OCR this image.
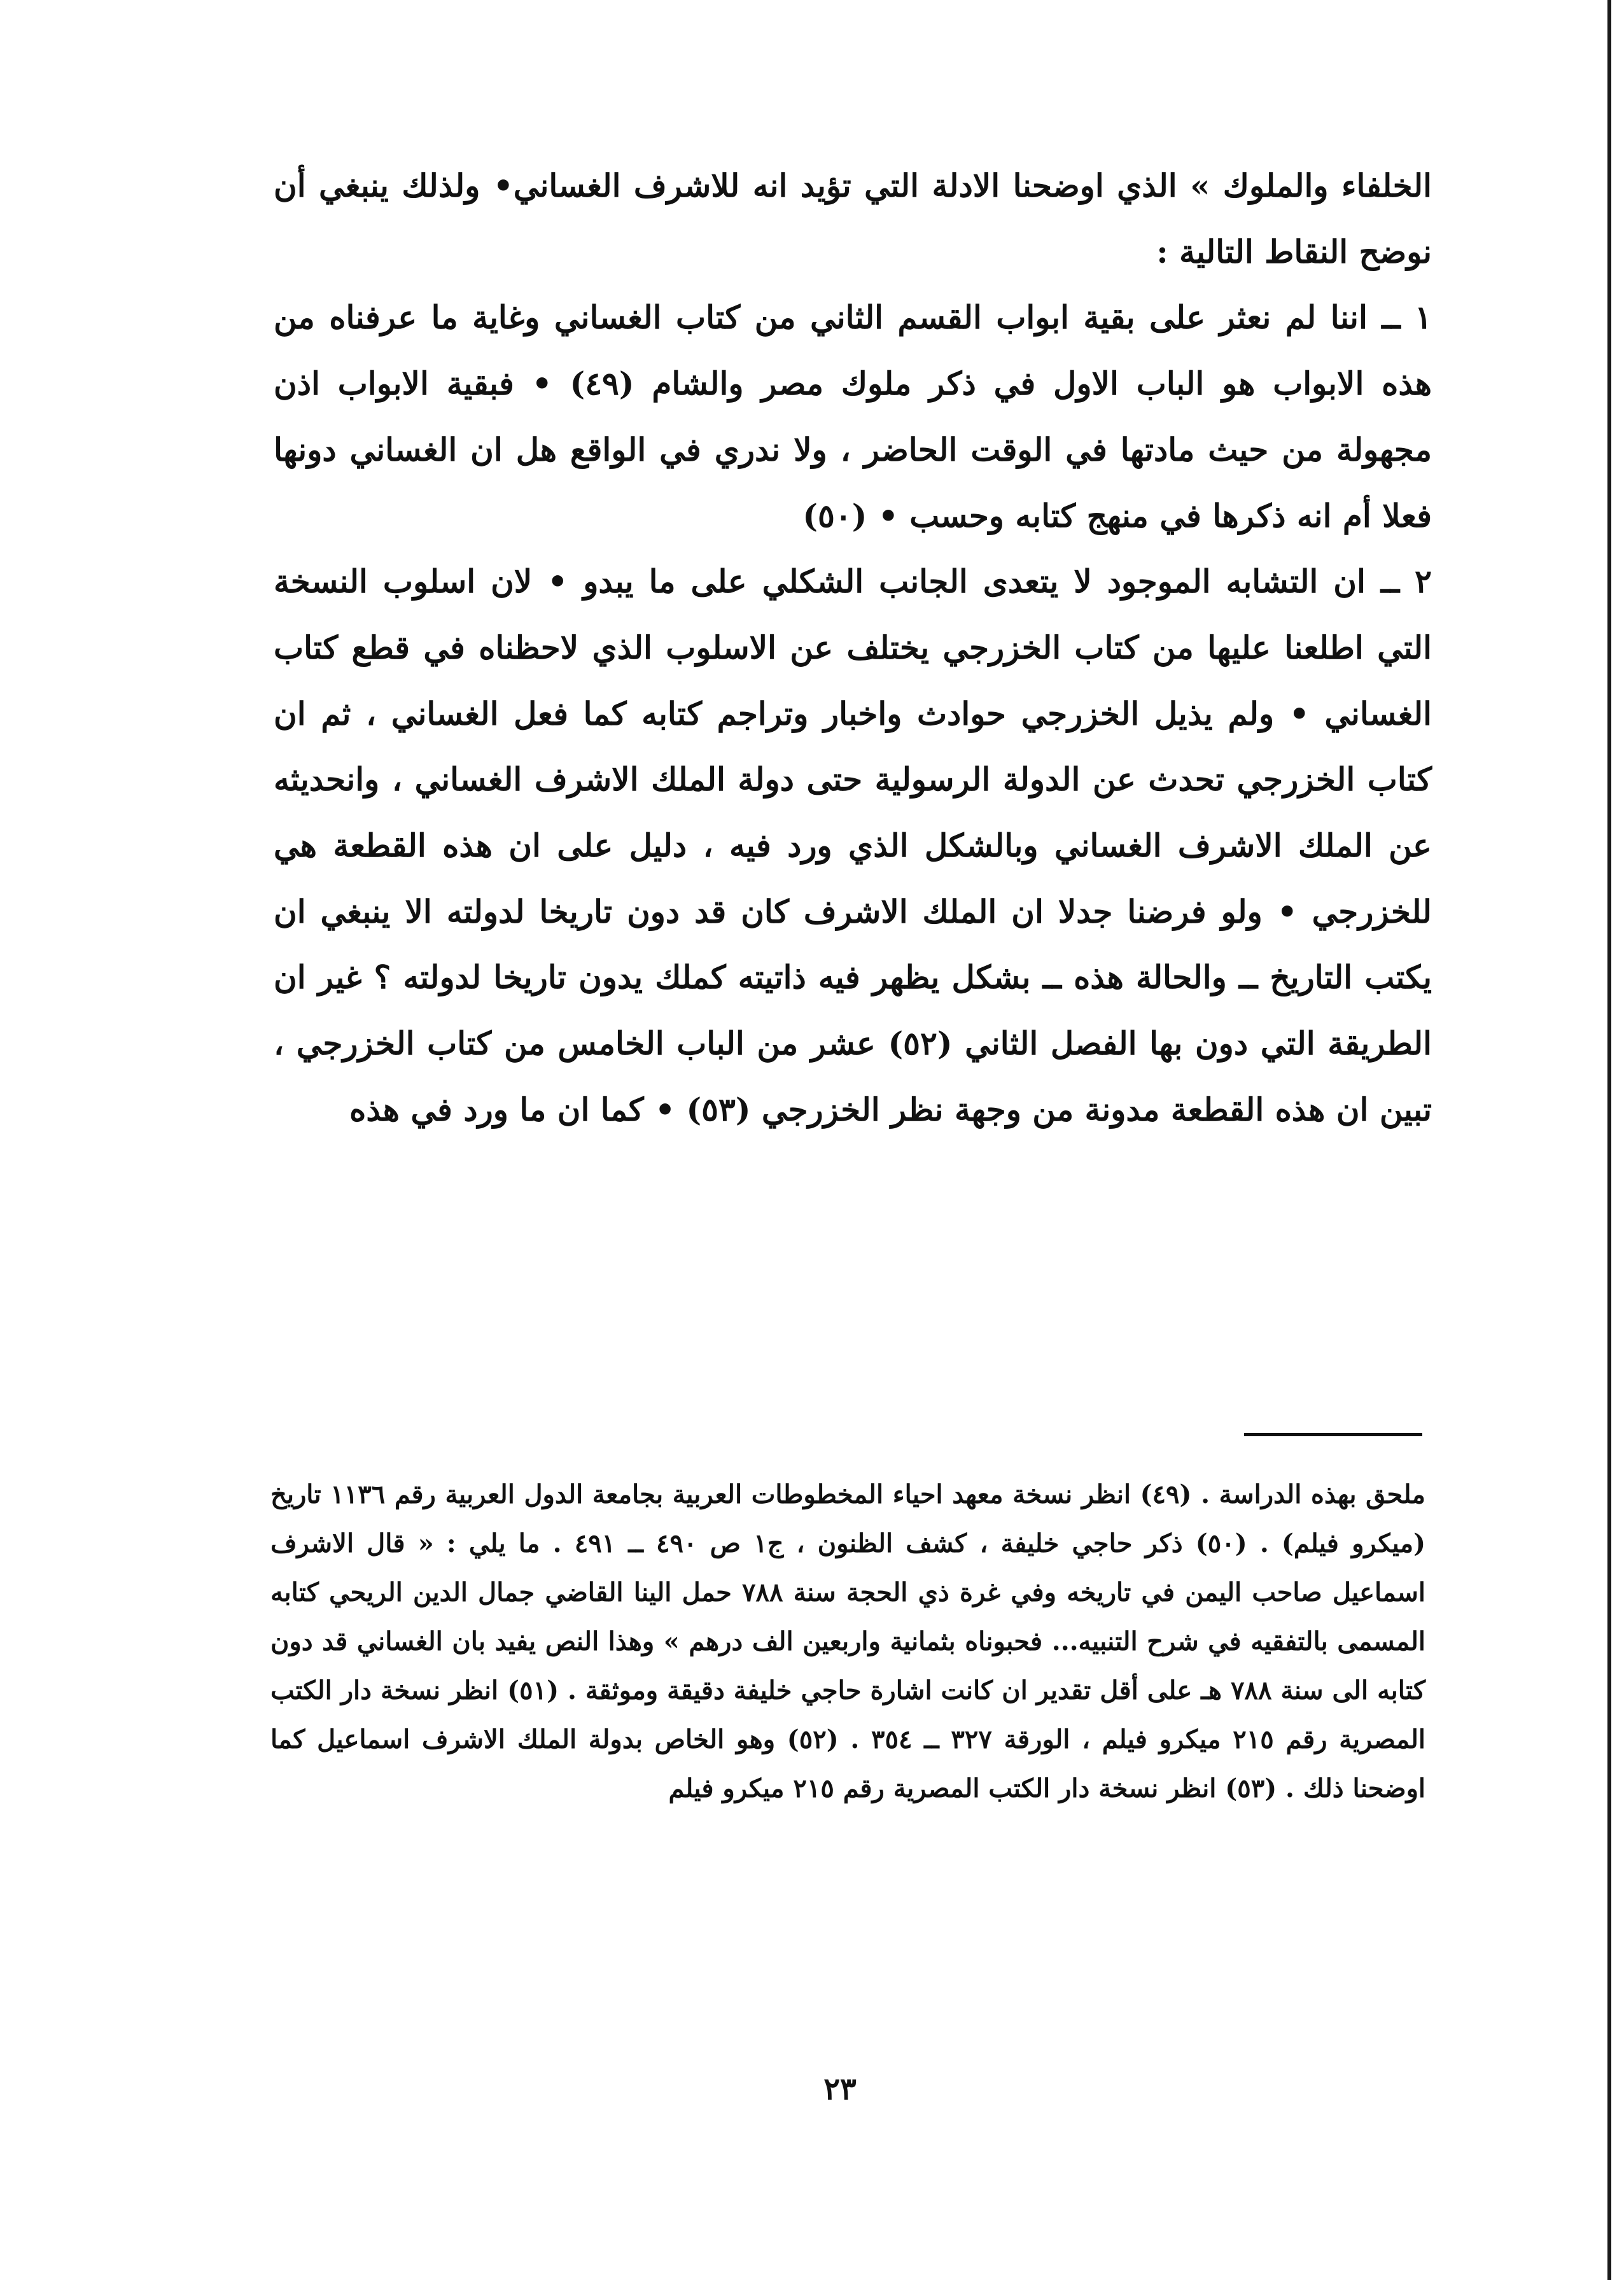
الخلفاء والملوك » الذي اوضحنا الادلة التي تؤيد انه للاشرف الغساني• ولذلك ينبغي أن نوضح النقاط التالية :

١ ــ اننا لم نعثر على بقية ابواب القسم الثاني من كتاب الغساني وغاية ما عرفناه من هذه الابواب هو الباب الاول في ذكر ملوك مصر والشام (٤٩) • فبقية الابواب اذن مجهولة من حيث مادتها في الوقت الحاضر ، ولا ندري في الواقع هل ان الغساني دونها فعلا أم انه ذكرها في منهج كتابه وحسب • (٥٠)

٢ ــ ان التشابه الموجود لا يتعدى الجانب الشكلي على ما يبدو • لان اسلوب النسخة التي اطلعنا عليها من كتاب الخزرجي يختلف عن الاسلوب الذي لاحظناه في قطع كتاب الغساني • ولم يذيل الخزرجي حوادث واخبار وتراجم كتابه كما فعل الغساني ، ثم ان كتاب الخزرجي تحدث عن الدولة الرسولية حتى دولة الملك الاشرف الغساني ، وانحديثه عن الملك الاشرف الغساني وبالشكل الذي ورد فيه ، دليل على ان هذه القطعة هي للخزرجي • ولو فرضنا جدلا ان الملك الاشرف كان قد دون تاريخا لدولته الا ينبغي ان يكتب التاريخ ــ والحالة هذه ــ بشكل يظهر فيه ذاتيته كملك يدون تاريخا لدولته ؟ غير ان الطريقة التي دون بها الفصل الثاني (٥٢) عشر من الباب الخامس من كتاب الخزرجي ، تبين ان هذه القطعة مدونة من وجهة نظر الخزرجي (٥٣) • كما ان ما ورد في هذه

ملحق بهذه الدراسة . (٤٩) انظر نسخة معهد احياء المخطوطات العربية بجامعة الدول العربية رقم ١١٣٦ تاريخ (ميكرو فيلم) . (٥٠) ذكر حاجي خليفة ، كشف الظنون ، ج١ ص ٤٩٠ ــ ٤٩١ . ما يلي : « قال الاشرف اسماعيل صاحب اليمن في تاريخه وفي غرة ذي الحجة سنة ٧٨٨ حمل الينا القاضي جمال الدين الريحي كتابه المسمى بالتفقيه في شرح التنبيه... فحبوناه بثمانية واربعين الف درهم » وهذا النص يفيد بان الغساني قد دون كتابه الى سنة ٧٨٨ هـ على أقل تقدير ان كانت اشارة حاجي خليفة دقيقة وموثقة . (٥١) انظر نسخة دار الكتب المصرية رقم ٢١٥ ميكرو فيلم ، الورقة ٣٢٧ ــ ٣٥٤ . (٥٢) وهو الخاص بدولة الملك الاشرف اسماعيل كما اوضحنا ذلك . (٥٣) انظر نسخة دار الكتب المصرية رقم ٢١٥ ميكرو فيلم

٢٣
